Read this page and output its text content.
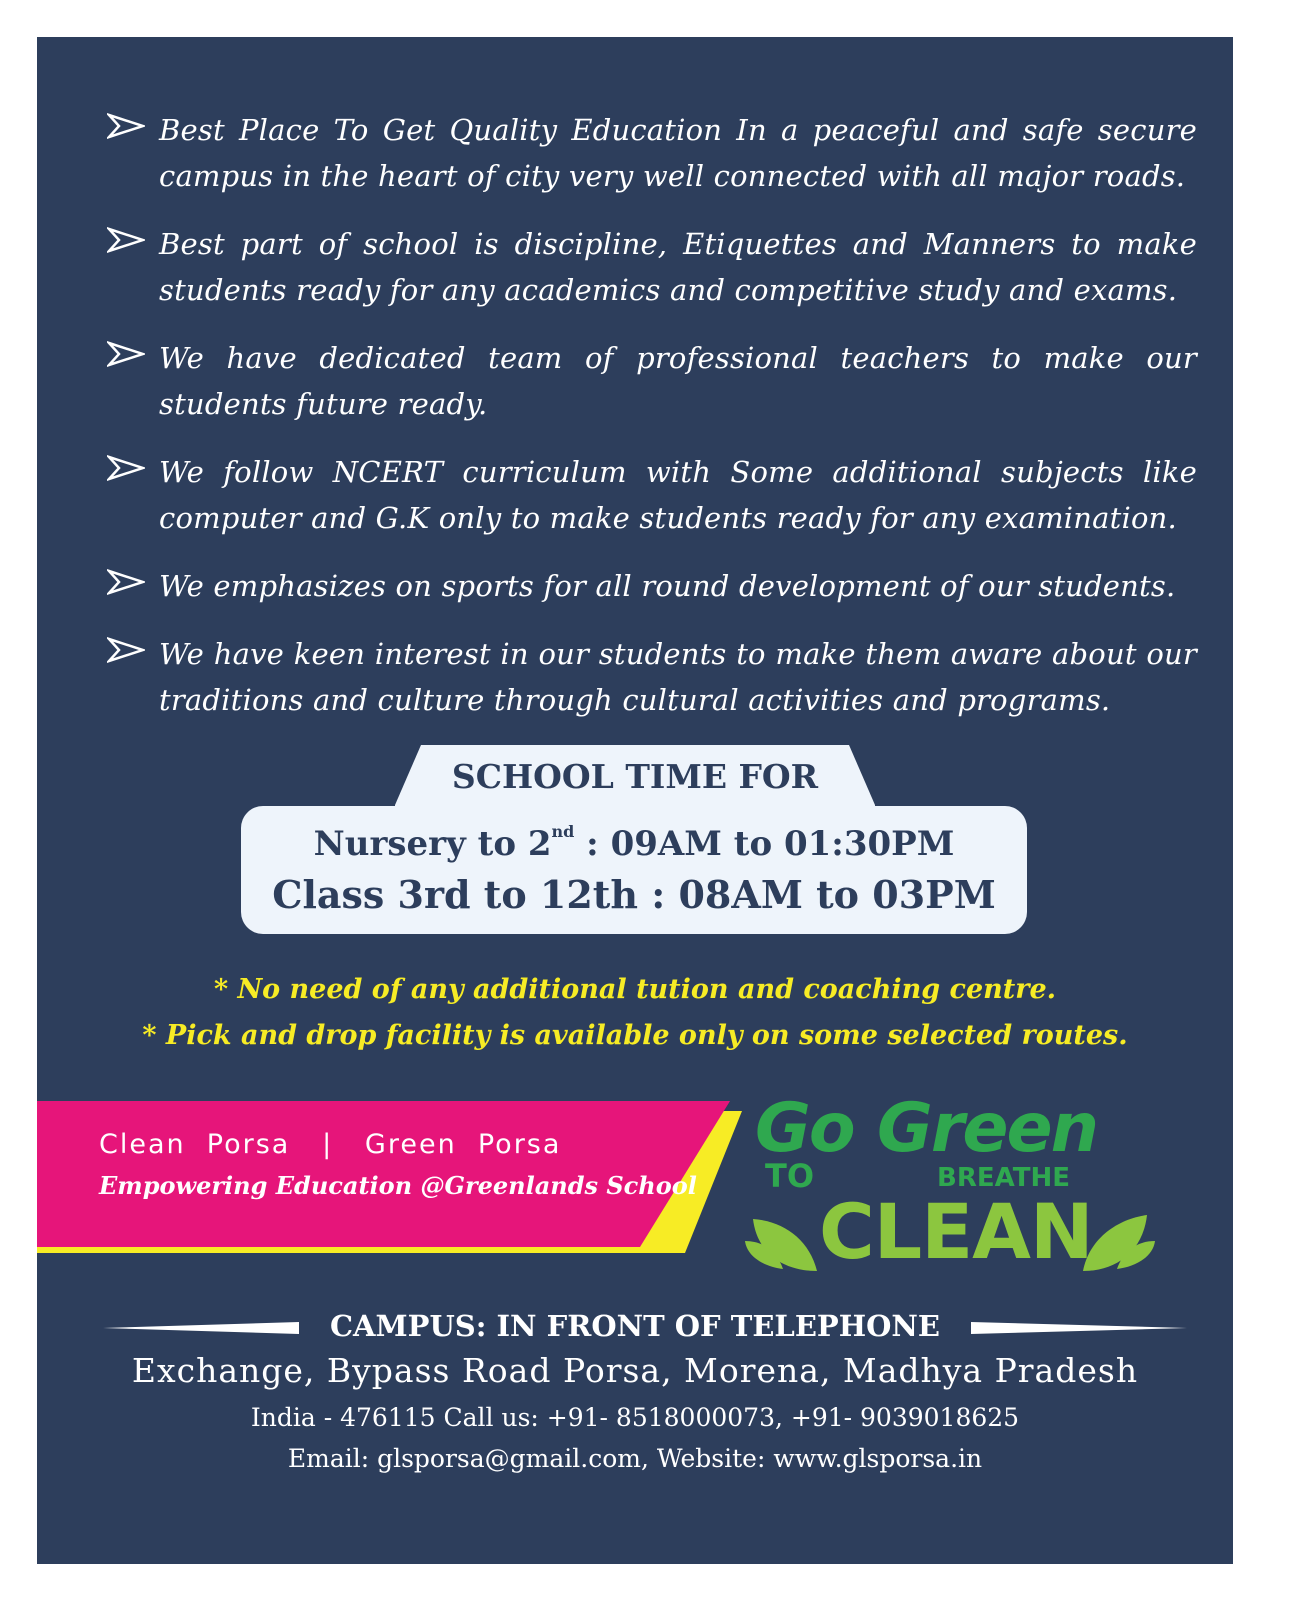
Best Place To Get Quality Education In a peaceful and safe secure campus in the heart of city very well connected with all major roads.
Best part of school is discipline, Etiquettes and Manners to make students ready for any academics and competitive study and exams.
We have dedicated team of professional teachers to make our students future ready.
We follow NCERT curriculum with Some additional subjects like computer and G.K only to make students ready for any examination.
We emphasizes on sports for all round development of our students.
We have keen interest in our students to make them aware about our traditions and culture through cultural activities and programs.
SCHOOL TIME FOR
Nursery to 2nd : 09AM to 01:30PM
Class 3rd to 12th : 08AM to 03PM
* No need of any additional tution and coaching centre.
* Pick and drop facility is available only on some selected routes.
Clean  Porsa   |   Green  Porsa
Empowering Education @Greenlands School
Go Green
TO	BREATHE
CLEAN
CAMPUS: IN FRONT OF TELEPHONE
Exchange, Bypass Road Porsa, Morena, Madhya Pradesh
India - 476115 Call us: +91- 8518000073, +91- 9039018625
Email: glsporsa@gmail.com, Website: www.glsporsa.in
